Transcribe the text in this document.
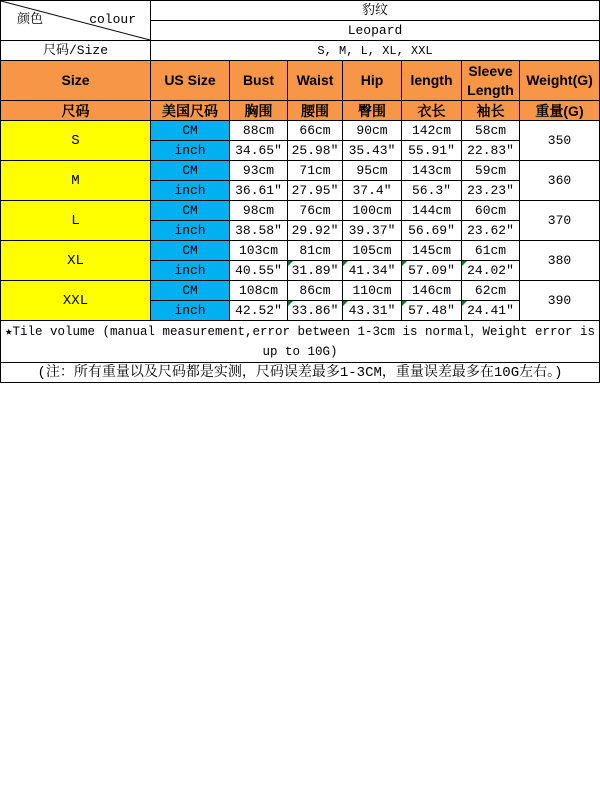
颜色 colour	豹纹						
	Leopard						
尺码/Size	S, M, L, XL, XXL						
Size	US Size	Bust	Waist	Hip	length	Sleeve Length	Weight(G)
尺码	美国尺码	胸围	腰围	臀围	衣长	袖长	重量(G)
S	CM	88cm	66cm	90cm	142cm	58cm	350
	inch	34.65″	25.98″	35.43″	55.91″	22.83″	
M	CM	93cm	71cm	95cm	143cm	59cm	360
	inch	36.61″	27.95″	37.4″	56.3″	23.23″	
L	CM	98cm	76cm	100cm	144cm	60cm	370
	inch	38.58″	29.92″	39.37″	56.69″	23.62″	
XL	CM	103cm	81cm	105cm	145cm	61cm	380
	inch	40.55″	31.89″	41.34″	57.09″	24.02″	
XXL	CM	108cm	86cm	110cm	146cm	62cm	390
	inch	42.52″	33.86″	43.31″	57.48″	24.41″	
★Tile volume (manual measurement,error between 1-3cm is normal，Weight error is up to 10G)							
(注：所有重量以及尺码都是实测，尺码误差最多1-3CM，重量误差最多在10G左右。)							
